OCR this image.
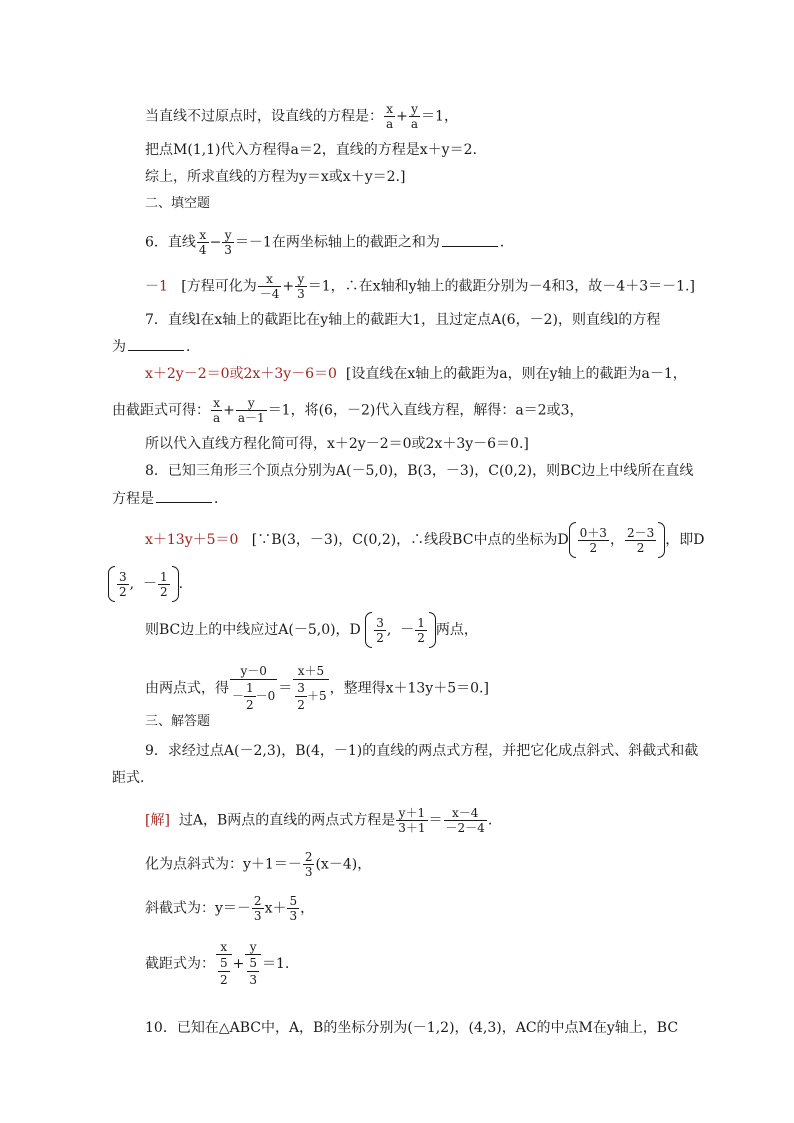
当直线不过原点时，设直线的方程是： $\frac{x}{a} + \frac{y}{a} =1$，
把点M(1,1)代入方程得a＝2，直线的方程是x＋y＝2.
综上，所求直线的方程为y＝x或x＋y＝2.]
二、填空题
6．直线 $\frac{x}{4} - \frac{y}{3} =-1$在两坐标轴上的截距之和为	．
－1 [方程可化为 $\frac{x}{-4} + \frac{y}{3} =1$，∴在x轴和y轴上的截距分别为－4和3，故－4＋3＝－1.]
7．直线l在x轴上的截距比在y轴上的截距大1，且过定点A(6，－2)，则直线l的方程
为	．
x＋2y－2＝0或2x＋3y－6＝0 [设直线在x轴上的截距为a，则在y轴上的截距为a－1，
由截距式可得： $\frac{x}{a} + \frac{y}{a-1} =1$，将(6，－2)代入直线方程，解得：a＝2或3，
所以代入直线方程化简可得，x＋2y－2＝0或2x＋3y－6＝0.]
8．已知三角形三个顶点分别为A(－5,0)，B(3，－3)，C(0,2)，则BC边上中线所在直线
方程是	．
x＋13y＋5＝0 [∵B(3，－3)，C(0,2)，∴线段BC中点的坐标为D $\frac{0+3}{2}$ ， $\frac{2-3}{2}$ ，即D
$\frac{3}{2}$ ,  － $\frac{1}{2}$ .
则BC边上的中线应过A(－5,0)，D $\frac{3}{2}$ ,  － $\frac{1}{2}$ 两点，
由两点式，得 $\frac{y-0}{- \frac{1}{2} -0} = \frac{x+5}{\frac{3}{2} +5}$ ，整理得x＋13y＋5＝0.]
三、解答题
9．求经过点A(－2,3)，B(4，－1)的直线的两点式方程，并把它化成点斜式、斜截式和截
距式．
[解] 过A，B两点的直线的两点式方程是 $\frac{y+1}{3+1} = \frac{x-4}{-2-4}$ .
化为点斜式为：$y+1=- \frac{2}{3} (x-4)$，
斜截式为：$y=- \frac{2}{3} x+ \frac{5}{3}$ ，
截距式为： $\frac{x}{\frac{5}{2}} + \frac{y}{\frac{5}{3}} =1$.
10．已知在△ABC中，A，B的坐标分别为(－1,2)，(4,3)，AC的中点M在y轴上，BC
